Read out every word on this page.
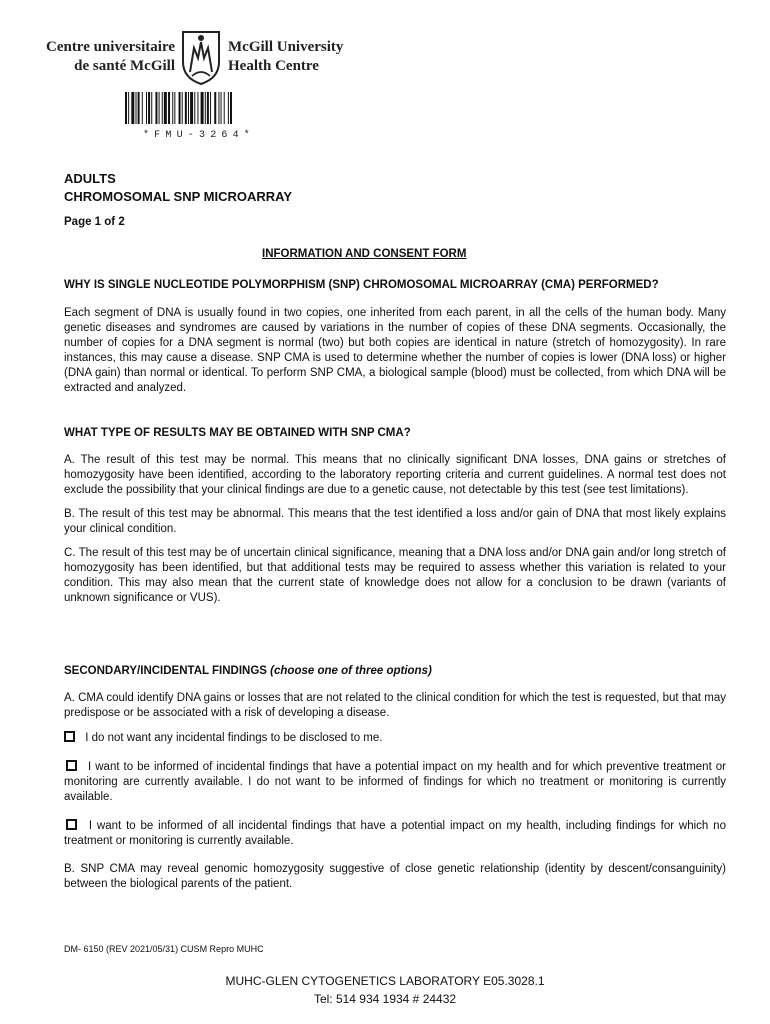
Centre universitaire
de santé McGill
McGill University
Health Centre
*FMU-3264*
ADULTS
CHROMOSOMAL SNP MICROARRAY
Page 1 of 2
INFORMATION AND CONSENT FORM
WHY IS SINGLE NUCLEOTIDE POLYMORPHISM (SNP) CHROMOSOMAL MICROARRAY (CMA) PERFORMED?
Each segment of DNA is usually found in two copies, one inherited from each parent, in all the cells of the human body. Many genetic diseases and syndromes are caused by variations in the number of copies of these DNA segments. Occasionally, the number of copies for a DNA segment is normal (two) but both copies are identical in nature (stretch of homozygosity). In rare instances, this may cause a disease. SNP CMA is used to determine whether the number of copies is lower (DNA loss) or higher (DNA gain) than normal or identical. To perform SNP CMA, a biological sample (blood) must be collected, from which DNA will be extracted and analyzed.
WHAT TYPE OF RESULTS MAY BE OBTAINED WITH SNP CMA?
A. The result of this test may be normal. This means that no clinically significant DNA losses, DNA gains or stretches of homozygosity have been identified, according to the laboratory reporting criteria and current guidelines. A normal test does not exclude the possibility that your clinical findings are due to a genetic cause, not detectable by this test (see test limitations).
B. The result of this test may be abnormal. This means that the test identified a loss and/or gain of DNA that most likely explains your clinical condition.
C. The result of this test may be of uncertain clinical significance, meaning that a DNA loss and/or DNA gain and/or long stretch of homozygosity has been identified, but that additional tests may be required to assess whether this variation is related to your condition. This may also mean that the current state of knowledge does not allow for a conclusion to be drawn (variants of unknown significance or VUS).
SECONDARY/INCIDENTAL FINDINGS (choose one of three options)
A. CMA could identify DNA gains or losses that are not related to the clinical condition for which the test is requested, but that may predispose or be associated with a risk of developing a disease.
I do not want any incidental findings to be disclosed to me.
I want to be informed of incidental findings that have a potential impact on my health and for which preventive treatment or monitoring are currently available. I do not want to be informed of findings for which no treatment or monitoring is currently available.
I want to be informed of all incidental findings that have a potential impact on my health, including findings for which no treatment or monitoring is currently available.
B. SNP CMA may reveal genomic homozygosity suggestive of close genetic relationship (identity by descent/consanguinity) between the biological parents of the patient.
DM- 6150 (REV 2021/05/31) CUSM Repro MUHC
MUHC-GLEN CYTOGENETICS LABORATORY E05.3028.1
Tel: 514 934 1934 # 24432
